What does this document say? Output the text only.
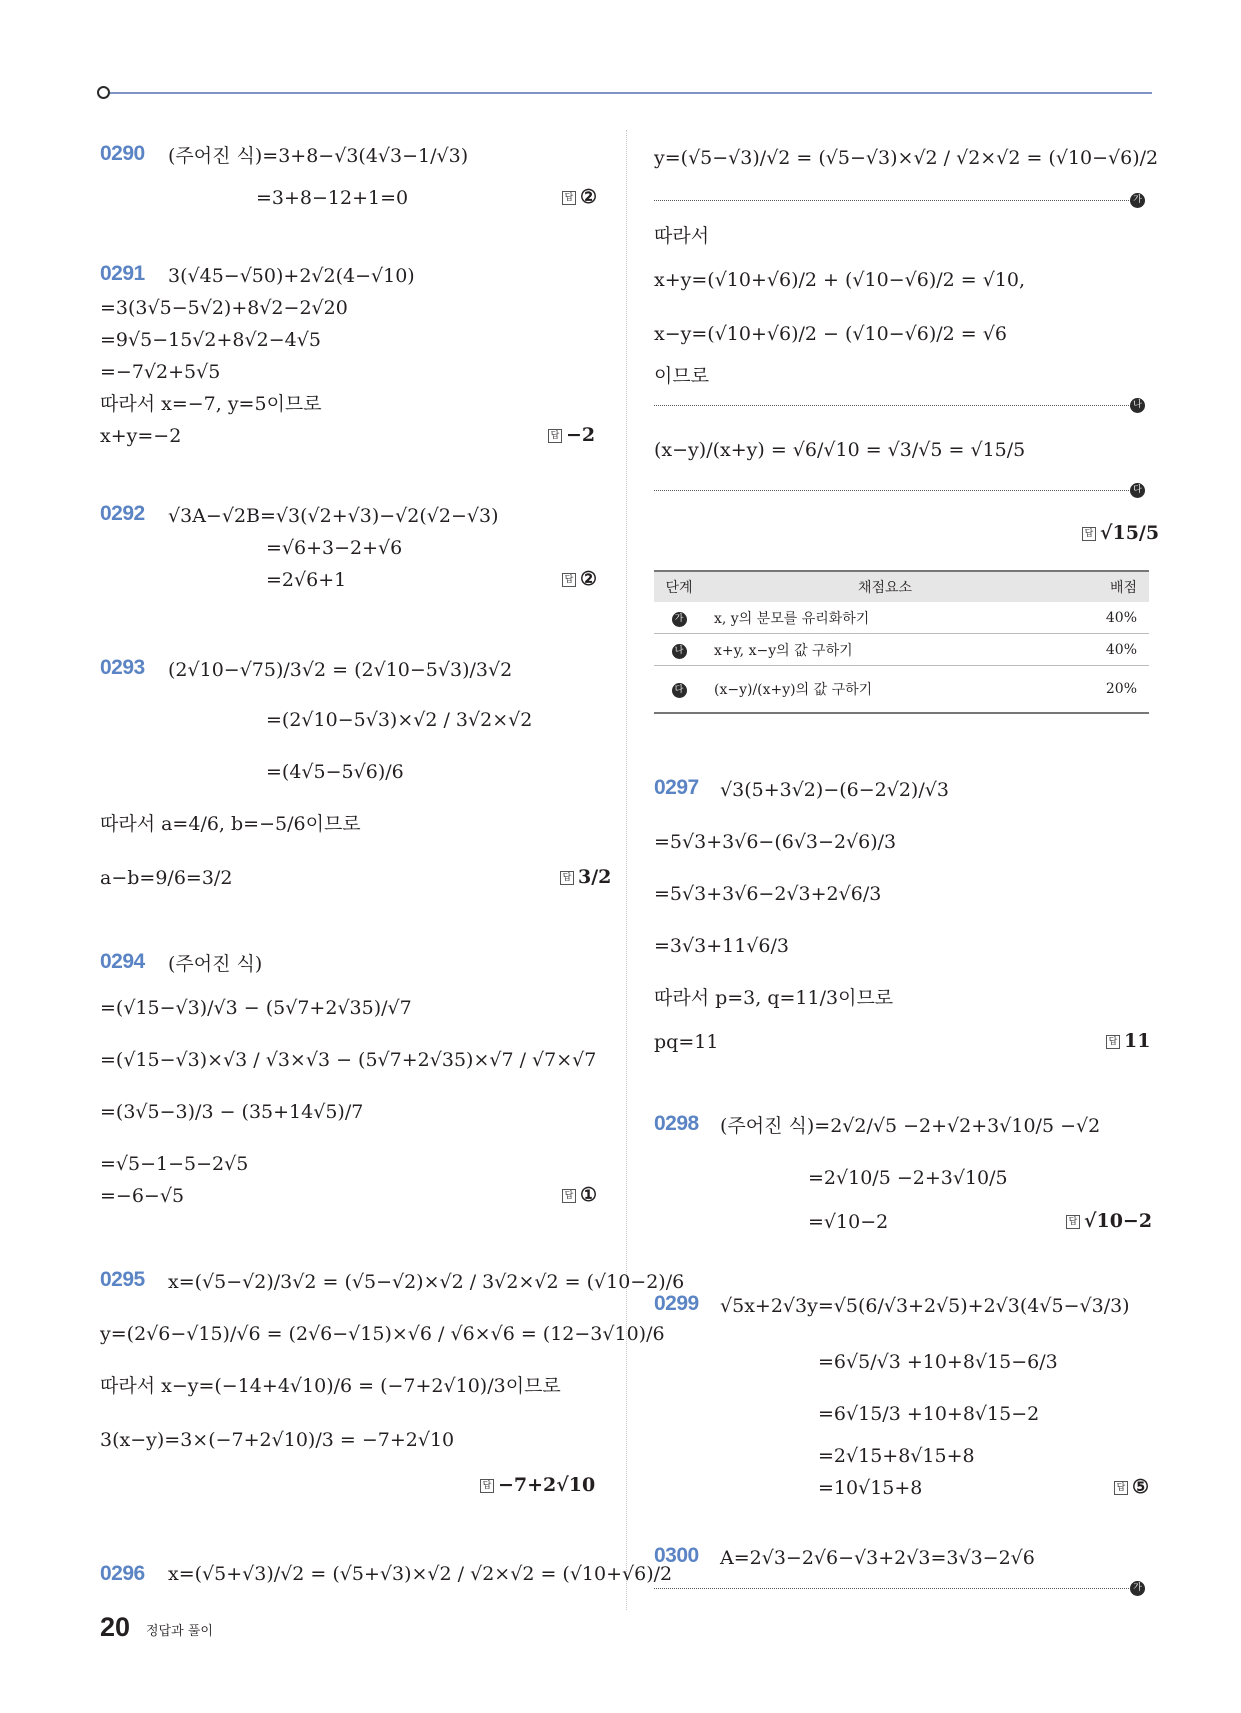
0290 (주어진 식)=3+8−√3(4√3−1/√3)
=3+8−12+1=0	답 ②
0291 3(√45−√50)+2√2(4−√10)
=3(3√5−5√2)+8√2−2√20
=9√5−15√2+8√2−4√5
=−7√2+5√5
따라서 x=−7, y=5이므로
x+y=−2	답 −2
0292 √3A−√2B=√3(√2+√3)−√2(√2−√3)
=√6+3−2+√6
=2√6+1	답 ②
0293 (2√10−√75)/3√2 = (2√10−5√3)/3√2
=(2√10−5√3)×√2 / 3√2×√2
=(4√5−5√6)/6
따라서 a=4/6, b=−5/6이므로
a−b=9/6=3/2	답 3/2
0294 (주어진 식)
=(√15−√3)/√3 − (5√7+2√35)/√7
=(√15−√3)×√3 / √3×√3 − (5√7+2√35)×√7 / √7×√7
=(3√5−3)/3 − (35+14√5)/7
=√5−1−5−2√5
=−6−√5	답 ①
0295 x=(√5−√2)/3√2 = (√5−√2)×√2 / 3√2×√2 = (√10−2)/6
y=(2√6−√15)/√6 = (2√6−√15)×√6 / √6×√6 = (12−3√10)/6
따라서 x−y=(−14+4√10)/6 = (−7+2√10)/3이므로
3(x−y)=3×(−7+2√10)/3 = −7+2√10
답 −7+2√10
0296 x=(√5+√3)/√2 = (√5+√3)×√2 / √2×√2 = (√10+√6)/2
y=(√5−√3)/√2 = (√5−√3)×√2 / √2×√2 = (√10−√6)/2
가
따라서
x+y=(√10+√6)/2 + (√10−√6)/2 = √10,
x−y=(√10+√6)/2 − (√10−√6)/2 = √6
이므로
나
(x−y)/(x+y) = √6/√10 = √3/√5 = √15/5
다
답 √15/5
단계	채점요소	배점
가	x, y의 분모를 유리화하기	40%
나	x+y, x−y의 값 구하기	40%
다	(x−y)/(x+y)의 값 구하기	20%
0297 √3(5+3√2)−(6−2√2)/√3
=5√3+3√6−(6√3−2√6)/3
=5√3+3√6−2√3+2√6/3
=3√3+11√6/3
따라서 p=3, q=11/3이므로
pq=11	답 11
0298 (주어진 식)=2√2/√5 −2+√2+3√10/5 −√2
=2√10/5 −2+3√10/5
=√10−2	답 √10−2
0299 √5x+2√3y=√5(6/√3+2√5)+2√3(4√5−√3/3)
=6√5/√3 +10+8√15−6/3
=6√15/3 +10+8√15−2
=2√15+8√15+8
=10√15+8	답 ⑤
0300 A=2√3−2√6−√3+2√3=3√3−2√6
가
20 정답과 풀이
